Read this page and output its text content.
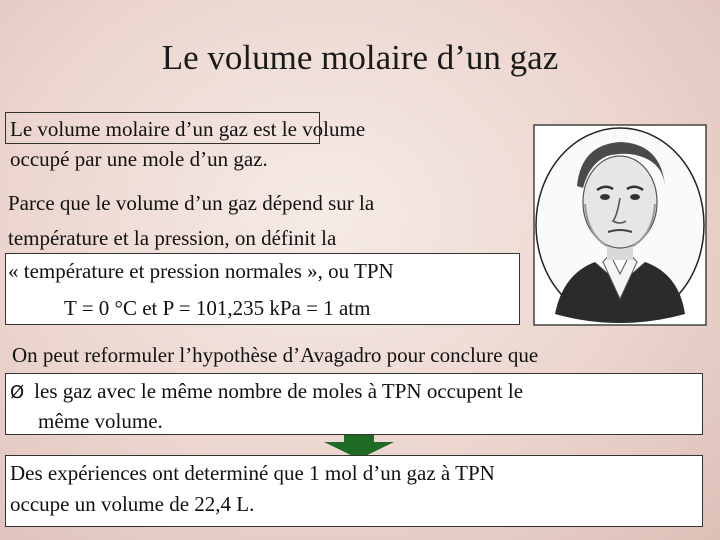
Le volume molaire d’un gaz
Le volume molaire d’un gaz est le volume
occupé par une mole d’un gaz.
Parce que le volume d’un gaz dépend sur la
température et la pression, on définit la
« température et pression normales », ou TPN
T = 0 °C et P = 101,235 kPa = 1 atm
On peut reformuler l’hypothèse d’Avagadro pour conclure que
Ø les gaz avec le même nombre de moles à TPN occupent le
même volume.
Des expériences ont determiné que 1 mol d’un gaz à TPN
occupe un volume de 22,4 L.
